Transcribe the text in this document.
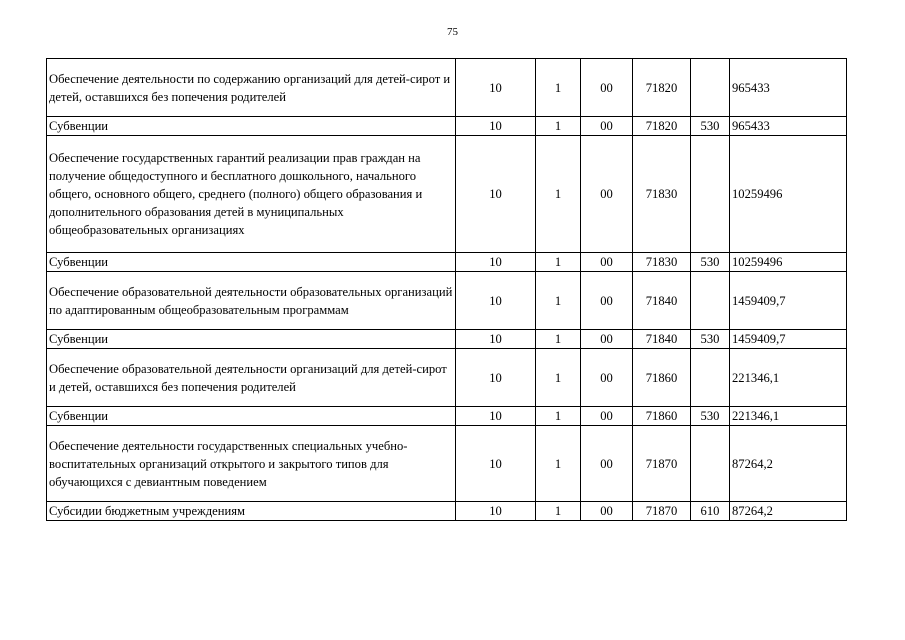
75
Обеспечение деятельности по содержанию организаций для детей-сирот и детей, оставшихся без попечения родителей	10	1	00	71820		965433
Субвенции	10	1	00	71820	530	965433
Обеспечение государственных гарантий реализации прав граждан на получение общедоступного и бесплатного дошкольного, начального общего, основного общего, среднего (полного) общего образования и дополнительного образования детей в муниципальных общеобразовательных организациях	10	1	00	71830		10259496
Субвенции	10	1	00	71830	530	10259496
Обеспечение образовательной деятельности образовательных организаций по адаптированным общеобразовательным программам	10	1	00	71840		1459409,7
Субвенции	10	1	00	71840	530	1459409,7
Обеспечение образовательной деятельности организаций для детей-сирот и детей, оставшихся без попечения родителей	10	1	00	71860		221346,1
Субвенции	10	1	00	71860	530	221346,1
Обеспечение деятельности государственных специальных учебно-воспитательных организаций открытого и закрытого типов для обучающихся с девиантным поведением	10	1	00	71870		87264,2
Субсидии бюджетным учреждениям	10	1	00	71870	610	87264,2
